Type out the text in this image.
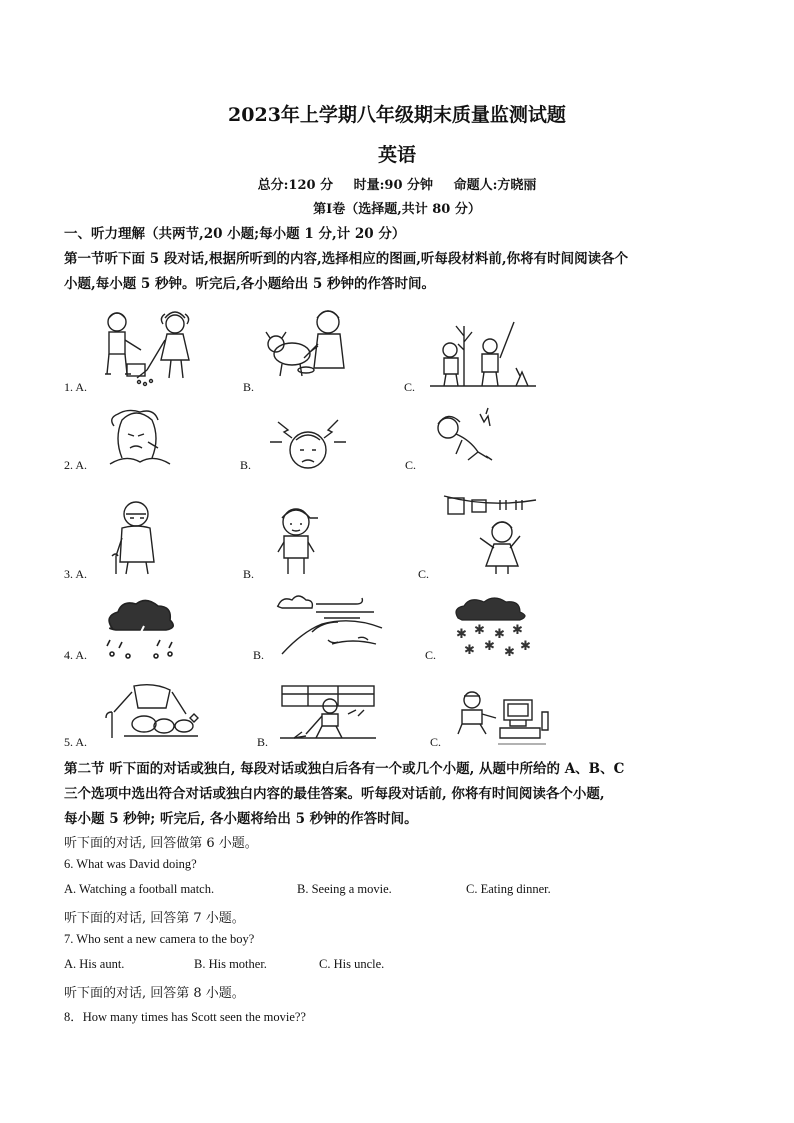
2023年上学期八年级期末质量监测试题
英语
总分:120 分 时量:90 分钟 命题人:方晓丽
第Ⅰ卷（选择题,共计 80 分）
一、听力理解（共两节,20 小题;每小题 1 分,计 20 分）
第一节听下面 5 段对话,根据所听到的内容,选择相应的图画,听每段材料前,你将有时间阅读各个
小题,每小题 5 秒钟。听完后,各小题给出 5 秒钟的作答时间。
1. A.	B.	C.
2. A.	B.	C.
3. A.	B.	C.
4. A.	B.	C.
✱ ✱ ✱ ✱
✱ ✱ ✱ ✱
5. A.	B.	C.
第二节 听下面的对话或独白, 每段对话或独白后各有一个或几个小题, 从题中所给的 A、B、C
三个选项中选出符合对话或独白内容的最佳答案。听每段对话前, 你将有时间阅读各个小题,
每小题 5 秒钟; 听完后, 各小题将给出 5 秒钟的作答时间。
听下面的对话, 回答做第 6 小题。
6. What was David doing?
A. Watching a football match.	B. Seeing a movie.	C. Eating dinner.
听下面的对话, 回答第 7 小题。
7. Who sent a new camera to the boy?
A. His aunt.	B. His mother.	C. His uncle.
听下面的对话, 回答第 8 小题。
8．How many times has Scott seen the movie??
